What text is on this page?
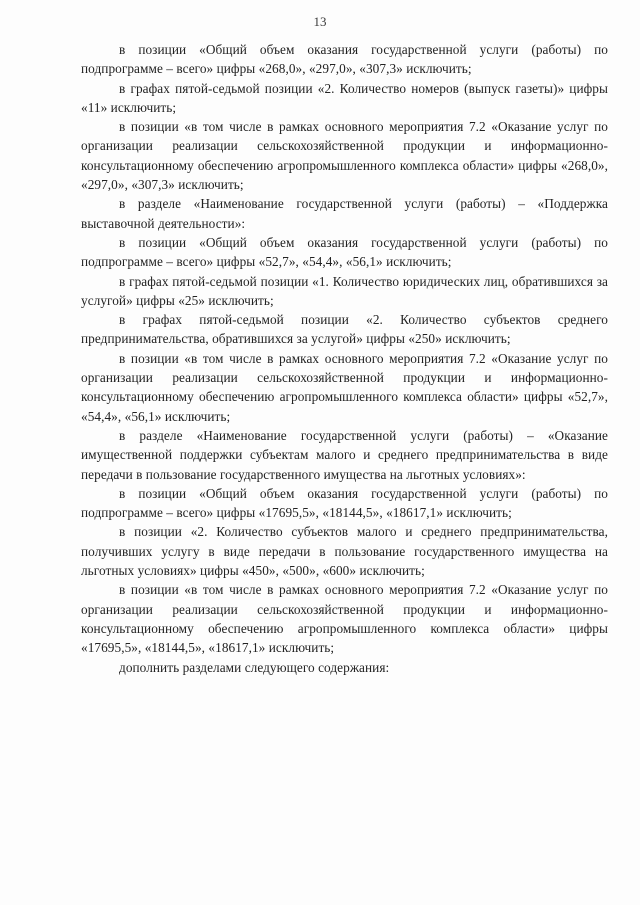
13

в позиции «Общий объем оказания государственной услуги (работы) по подпрограмме – всего» цифры «268,0», «297,0», «307,3» исключить;

в графах пятой-седьмой позиции «2. Количество номеров (выпуск газеты)» цифры «11» исключить;

в позиции «в том числе в рамках основного мероприятия 7.2 «Оказание услуг по организации реализации сельскохозяйственной продукции и информационно-консультационному обеспечению агропромышленного комплекса области» цифры «268,0», «297,0», «307,3» исключить;

в разделе «Наименование государственной услуги (работы) – «Поддержка выставочной деятельности»:

в позиции «Общий объем оказания государственной услуги (работы) по подпрограмме – всего» цифры «52,7», «54,4», «56,1» исключить;

в графах пятой-седьмой позиции «1. Количество юридических лиц, обратившихся за услугой» цифры «25» исключить;

в графах пятой-седьмой позиции «2. Количество субъектов среднего предпринимательства, обратившихся за услугой» цифры «250» исключить;

в позиции «в том числе в рамках основного мероприятия 7.2 «Оказание услуг по организации реализации сельскохозяйственной продукции и информационно-консультационному обеспечению агропромышленного комплекса области» цифры «52,7», «54,4», «56,1» исключить;

в разделе «Наименование государственной услуги (работы) – «Оказание имущественной поддержки субъектам малого и среднего предпринимательства в виде передачи в пользование государственного имущества на льготных условиях»:

в позиции «Общий объем оказания государственной услуги (работы) по подпрограмме – всего» цифры «17695,5», «18144,5», «18617,1» исключить;

в позиции «2. Количество субъектов малого и среднего предпринимательства, получивших услугу в виде передачи в пользование государственного имущества на льготных условиях» цифры «450», «500», «600» исключить;

в позиции «в том числе в рамках основного мероприятия 7.2 «Оказание услуг по организации реализации сельскохозяйственной продукции и информационно-консультационному обеспечению агропромышленного комплекса области» цифры «17695,5», «18144,5», «18617,1» исключить;

дополнить разделами следующего содержания:
